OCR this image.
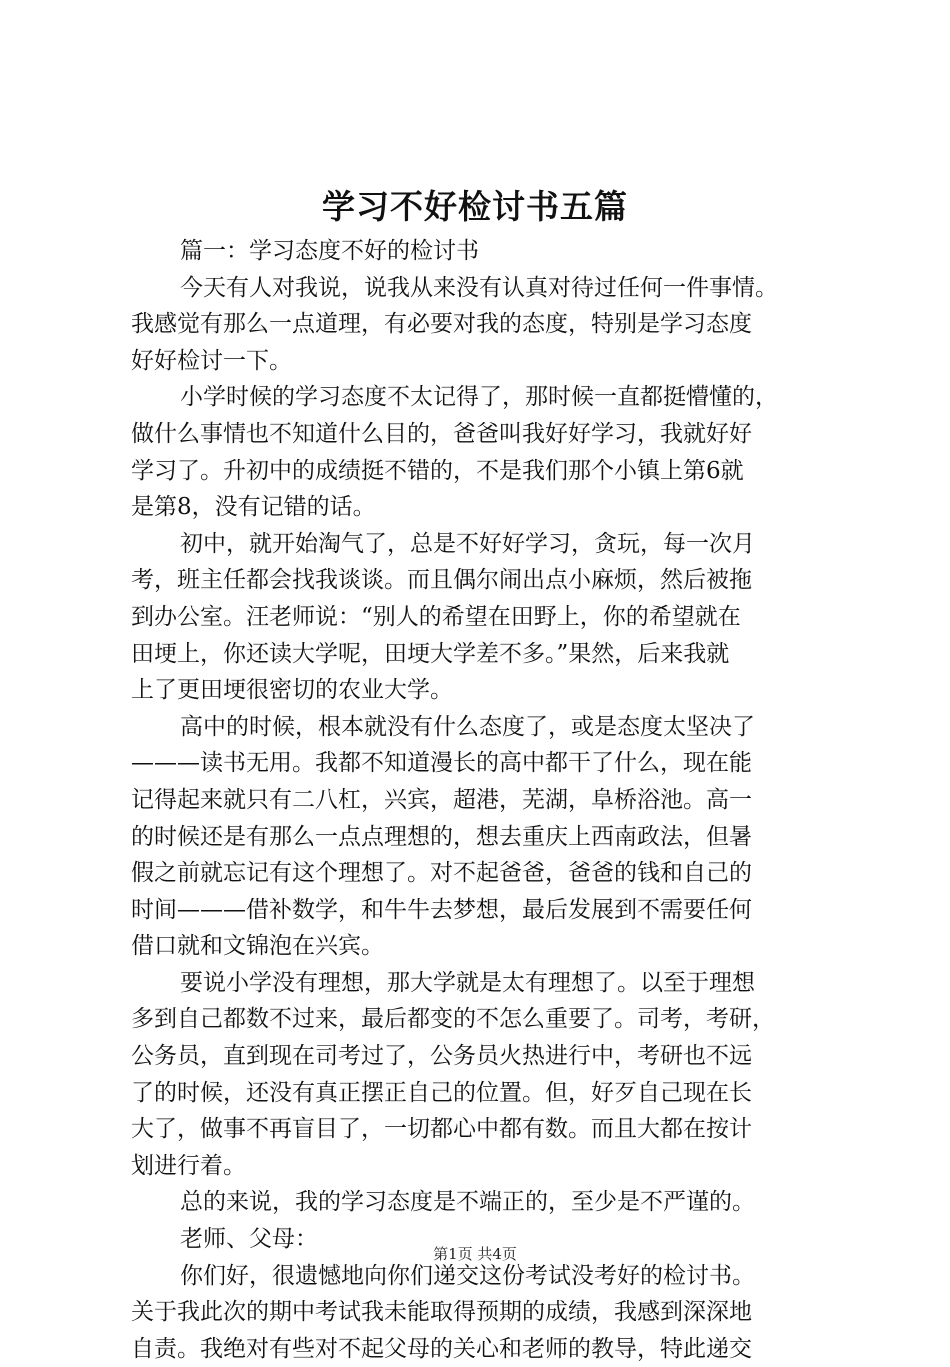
学习不好检讨书五篇
篇一：学习态度不好的检讨书
今天有人对我说，说我从来没有认真对待过任何一件事情。
我感觉有那么一点道理，有必要对我的态度，特别是学习态度
好好检讨一下。
小学时候的学习态度不太记得了，那时候一直都挺懵懂的，
做什么事情也不知道什么目的，爸爸叫我好好学习，我就好好
学习了。升初中的成绩挺不错的，不是我们那个小镇上第6就
是第8，没有记错的话。
初中，就开始淘气了，总是不好好学习，贪玩，每一次月
考，班主任都会找我谈谈。而且偶尔闹出点小麻烦，然后被拖
到办公室。汪老师说：“别人的希望在田野上，你的希望就在
田埂上，你还读大学呢，田埂大学差不多。”果然，后来我就
上了更田埂很密切的农业大学。
高中的时候，根本就没有什么态度了，或是态度太坚决了
———读书无用。我都不知道漫长的高中都干了什么，现在能
记得起来就只有二八杠，兴宾，超港，芜湖，阜桥浴池。高一
的时候还是有那么一点点理想的，想去重庆上西南政法，但暑
假之前就忘记有这个理想了。对不起爸爸，爸爸的钱和自己的
时间———借补数学，和牛牛去梦想，最后发展到不需要任何
借口就和文锦泡在兴宾。
要说小学没有理想，那大学就是太有理想了。以至于理想
多到自己都数不过来，最后都变的不怎么重要了。司考，考研，
公务员，直到现在司考过了，公务员火热进行中，考研也不远
了的时候，还没有真正摆正自己的位置。但，好歹自己现在长
大了，做事不再盲目了，一切都心中都有数。而且大都在按计
划进行着。
总的来说，我的学习态度是不端正的，至少是不严谨的。
老师、父母：
你们好，很遗憾地向你们递交这份考试没考好的检讨书。
关于我此次的期中考试我未能取得预期的成绩，我感到深深地
自责。我绝对有些对不起父母的关心和老师的教导，特此递交
第1页 共4页
